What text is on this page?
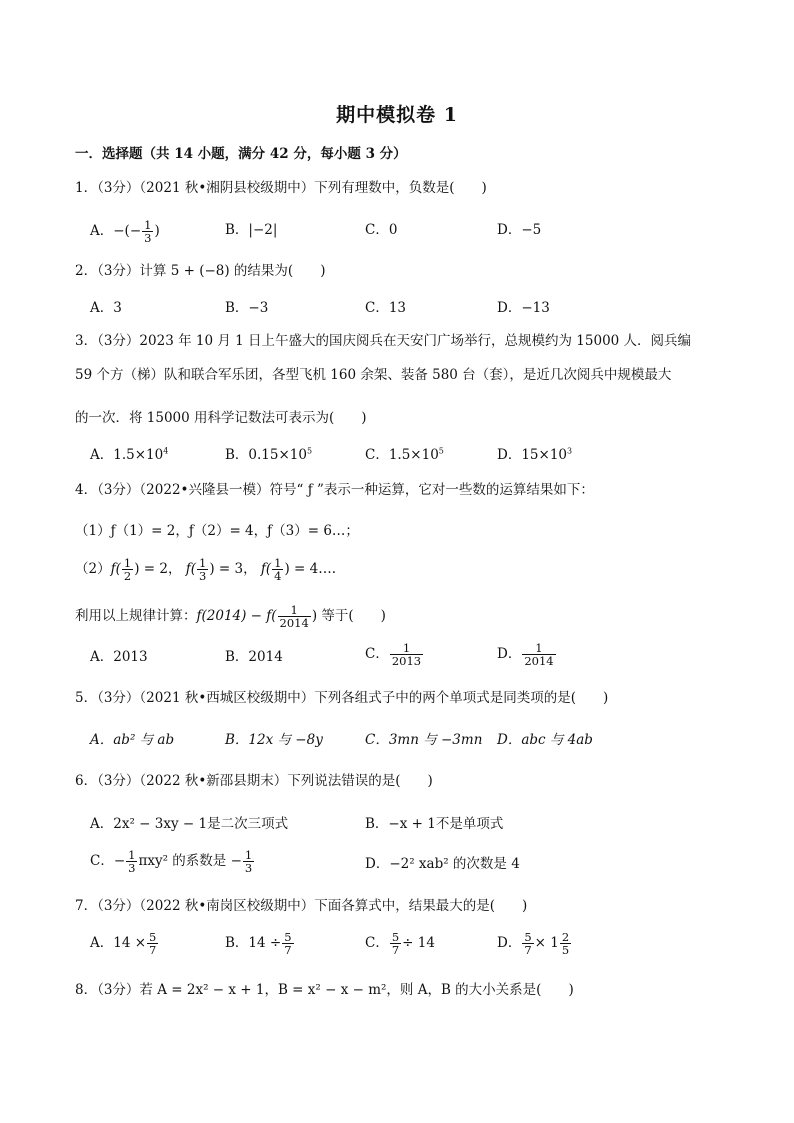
期中模拟卷 1
一．选择题（共 14 小题，满分 42 分，每小题 3 分）
1．（3分）（2021 秋•湘阴县校级期中）下列有理数中，负数是(　　)
A．−(− $\frac{1}{3}$ )	B．|−2|	C．0	D．−5
2．（3分）计算 5 + (−8) 的结果为(　　)
A．3	B．−3	C．13	D．−13
3．（3分）2023 年 10 月 1 日上午盛大的国庆阅兵在天安门广场举行，总规模约为 15000 人．阅兵编
59 个方（梯）队和联合军乐团，各型飞机 160 余架、装备 580 台（套），是近几次阅兵中规模最大
的一次．将 15000 用科学记数法可表示为(　　)
A．$1.5\times 10^4$	B．$0.15\times 10^5$	C．$1.5\times 10^5$	D．$15\times 10^3$
4．（3分）（2022•兴隆县一模）符号“ ƒ ”表示一种运算，它对一些数的运算结果如下：
（1）ƒ（1）= 2，ƒ（2）= 4，ƒ（3）= 6…；
$(2)f( \frac{1}{2}$ ) = 2， $f( \frac{1}{3}$ ) = 3， $f( \frac{1}{4}$ ) = 4….
利用以上规律计算：$f(2014) - f( \frac{1}{2014}$ ) 等于(　　)
A．2013	B．2014	C． $\frac{1}{2013}$	D． $\frac{1}{2014}$
5．（3分）（2021 秋•西城区校级期中）下列各组式子中的两个单项式是同类项的是(　　)
A．ab² 与 ab	B．12x 与 −8y	C．3mn 与 −3mn D．abc 与 4ab
6．（3分）（2022 秋•新邵县期末）下列说法错误的是(　　)
A．2x² − 3xy − 1是二次三项式	B．−x + 1不是单项式
C．− $\frac{1}{3} \pi xy^2$ 的系数是 − $\frac{1}{3}$	D．−2² xab² 的次数是 4
7．（3分）（2022 秋•南岗区校级期中）下面各算式中，结果最大的是(　　)
A．$14 \times \frac{5}{7}$	B．$14 \div \frac{5}{7}$	C． $\frac{5}{7} \div 14$	D． $\frac{5}{7} \times 1 \frac{2}{5}$
8．（3分）若 A = 2x² − x + 1，B = x² − x − m²，则 A，B 的大小关系是(　　)
